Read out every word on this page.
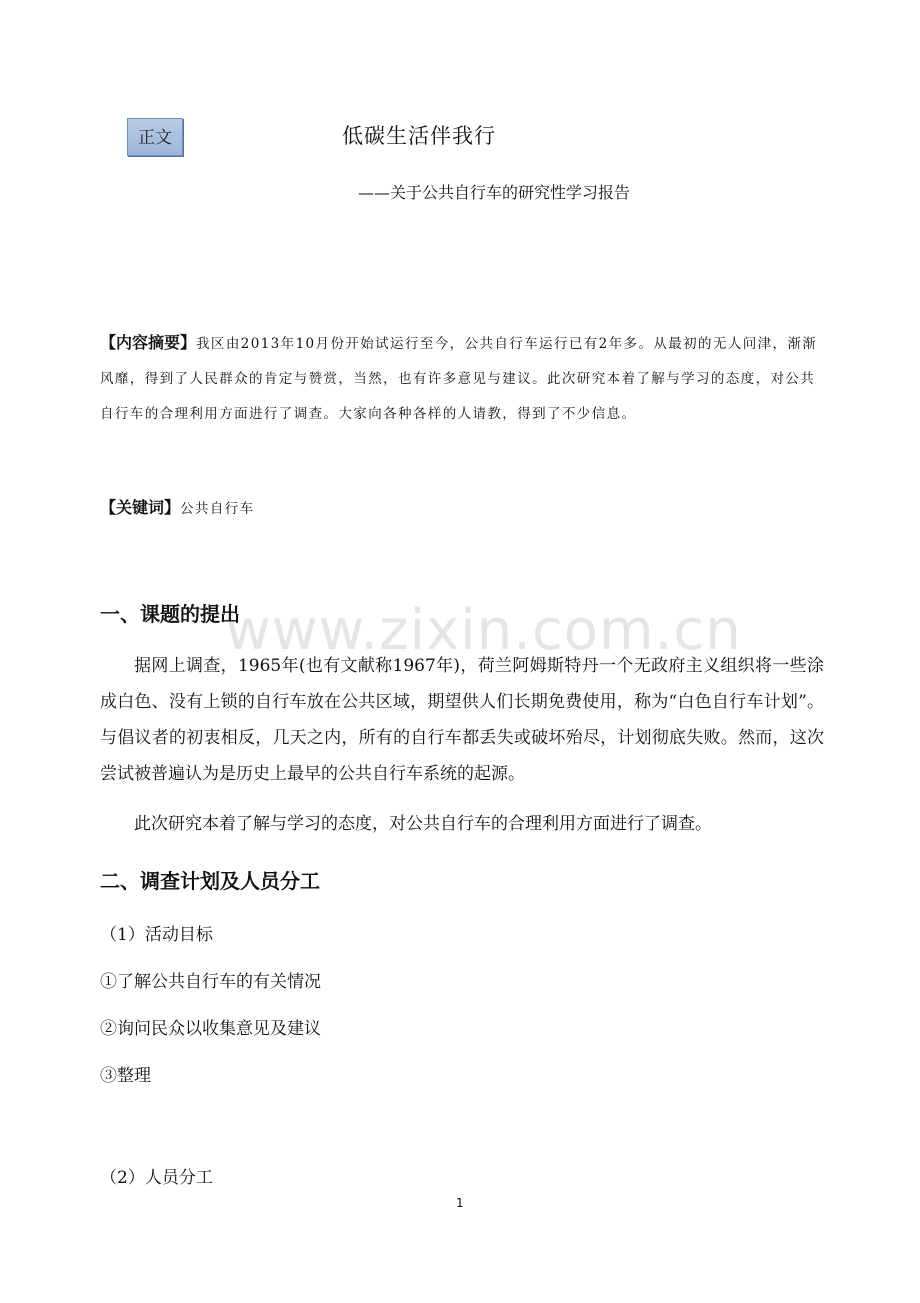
正文	低碳生活伴我行
——关于公共自行车的研究性学习报告
【内容摘要】我区由2013年10月份开始试运行至今，公共自行车运行已有2年多。从最初的无人问津，渐渐风靡，得到了人民群众的肯定与赞赏，当然，也有许多意见与建议。此次研究本着了解与学习的态度，对公共自行车的合理利用方面进行了调查。大家向各种各样的人请教，得到了不少信息。
【关键词】公共自行车
www.zixin.com.cn
一、课题的提出
据网上调查，1965年(也有文献称1967年)，荷兰阿姆斯特丹一个无政府主义组织将一些涂成白色、没有上锁的自行车放在公共区域，期望供人们长期免费使用，称为“白色自行车计划”。与倡议者的初衷相反，几天之内，所有的自行车都丢失或破坏殆尽，计划彻底失败。然而，这次尝试被普遍认为是历史上最早的公共自行车系统的起源。
此次研究本着了解与学习的态度，对公共自行车的合理利用方面进行了调查。
二、调查计划及人员分工
（1）活动目标
①了解公共自行车的有关情况
②询问民众以收集意见及建议
③整理
（2）人员分工
1
